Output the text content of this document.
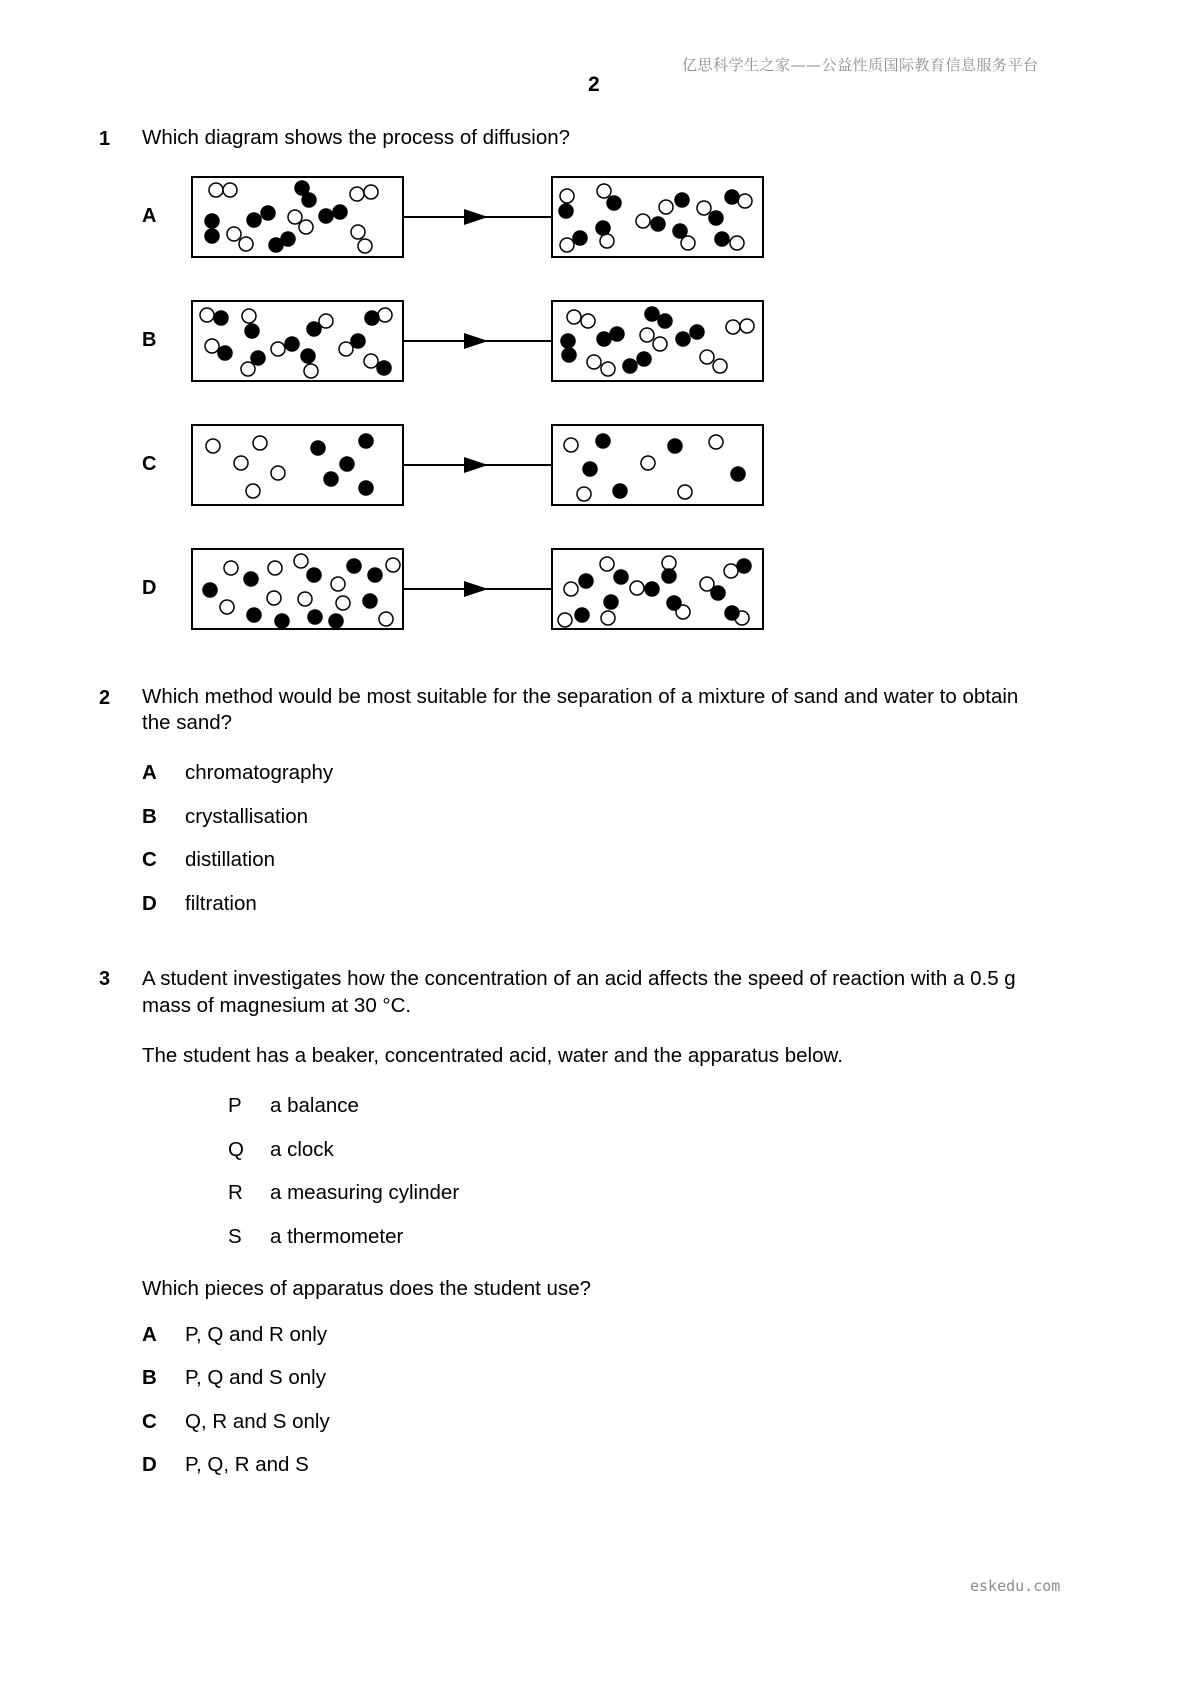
亿思科学生之家——公益性质国际教育信息服务平台
2
1 Which diagram shows the process of diffusion?
A
B
C
D
2 Which method would be most suitable for the separation of a mixture of sand and water to obtain
the sand?
A chromatography
B crystallisation
C distillation
D filtration
3 A student investigates how the concentration of an acid affects the speed of reaction with a 0.5 g
mass of magnesium at 30 °C.
The student has a beaker, concentrated acid, water and the apparatus below.
P a balance
Q a clock
R a measuring cylinder
S a thermometer
Which pieces of apparatus does the student use?
A P, Q and R only
B P, Q and S only
C Q, R and S only
D P, Q, R and S
eskedu.com
